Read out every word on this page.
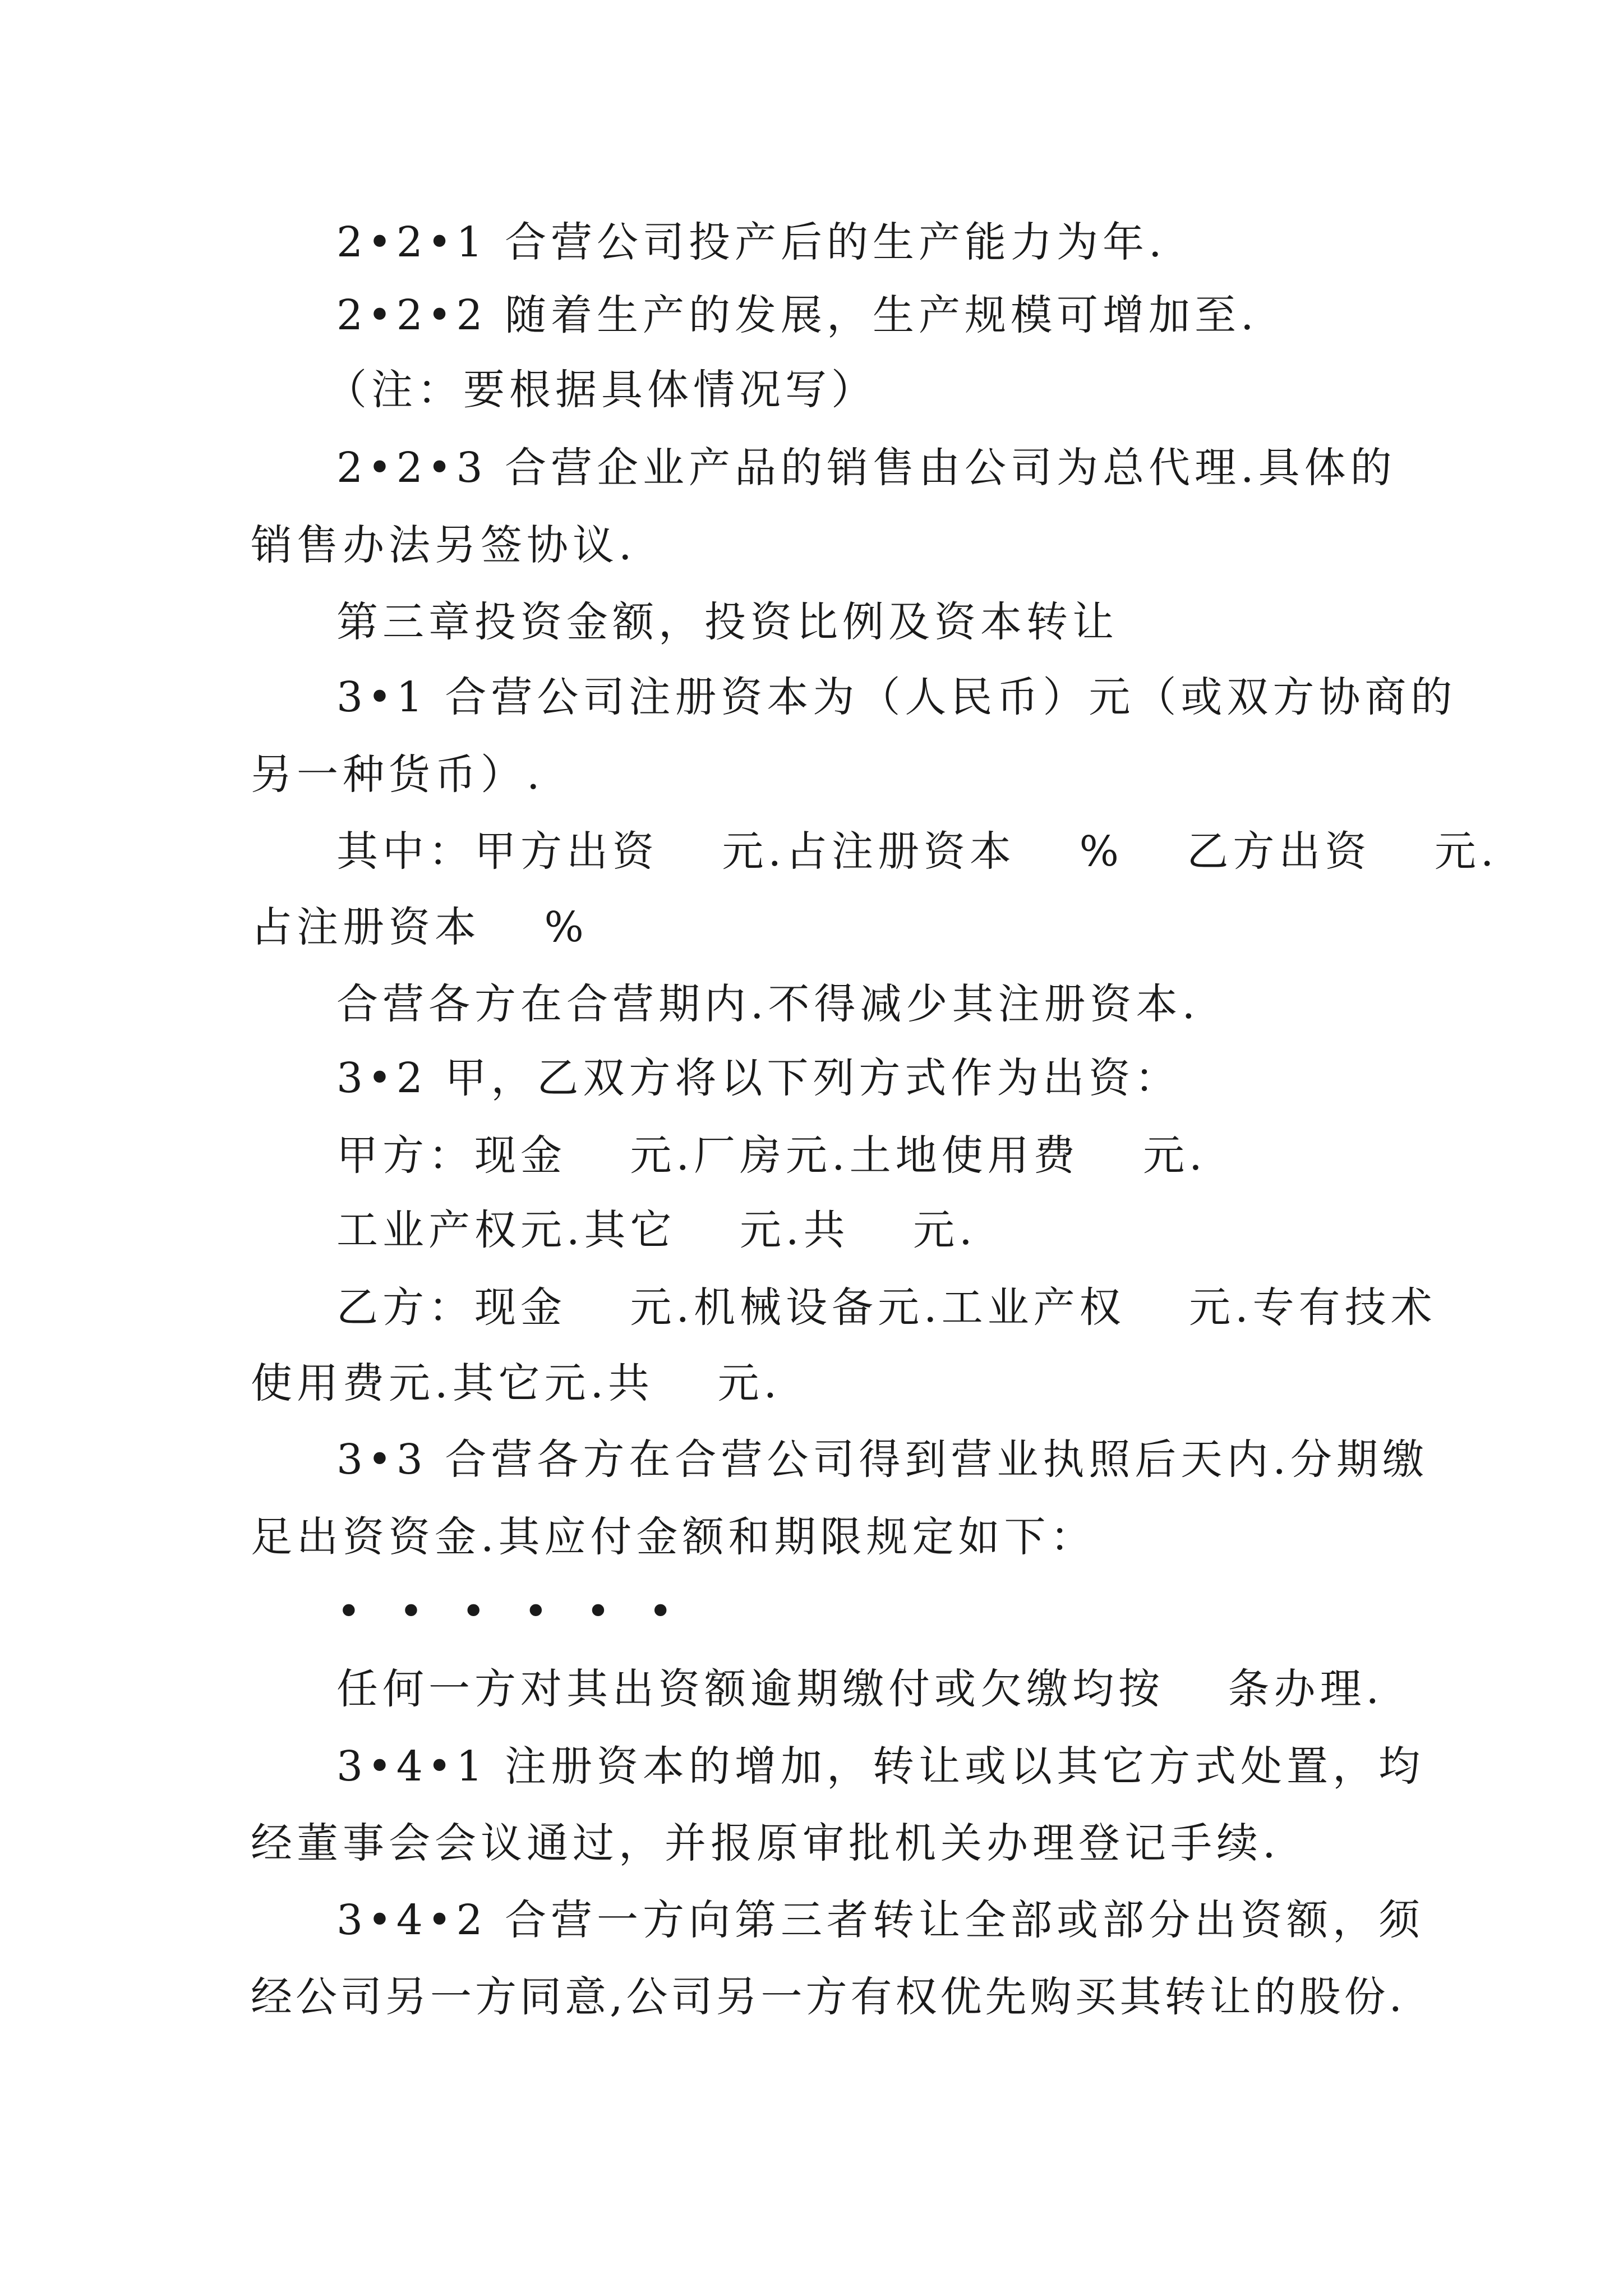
2•2•1 合营公司投产后的生产能力为年.
2•2•2 随着生产的发展，生产规模可增加至.
（注：要根据具体情况写）
2•2•3 合营企业产品的销售由公司为总代理.具体的
销售办法另签协议.
第三章投资金额，投资比例及资本转让
3•1 合营公司注册资本为（人民币）元（或双方协商的
另一种货币）.
其中：甲方出资　 元.占注册资本　 %　 乙方出资　 元.
占注册资本　 %
合营各方在合营期内.不得减少其注册资本.
3•2 甲，乙双方将以下列方式作为出资：
甲方：现金　 元.厂房元.土地使用费　 元.
工业产权元.其它　 元.共　 元.
乙方：现金　 元.机械设备元.工业产权　 元.专有技术
使用费元.其它元.共　 元.
3•3 合营各方在合营公司得到营业执照后天内.分期缴
足出资资金.其应付金额和期限规定如下：
• • • • • •
任何一方对其出资额逾期缴付或欠缴均按　 条办理.
3•4•1 注册资本的增加，转让或以其它方式处置，均
经董事会会议通过，并报原审批机关办理登记手续.
3•4•2 合营一方向第三者转让全部或部分出资额，须
经公司另一方同意,公司另一方有权优先购买其转让的股份.
